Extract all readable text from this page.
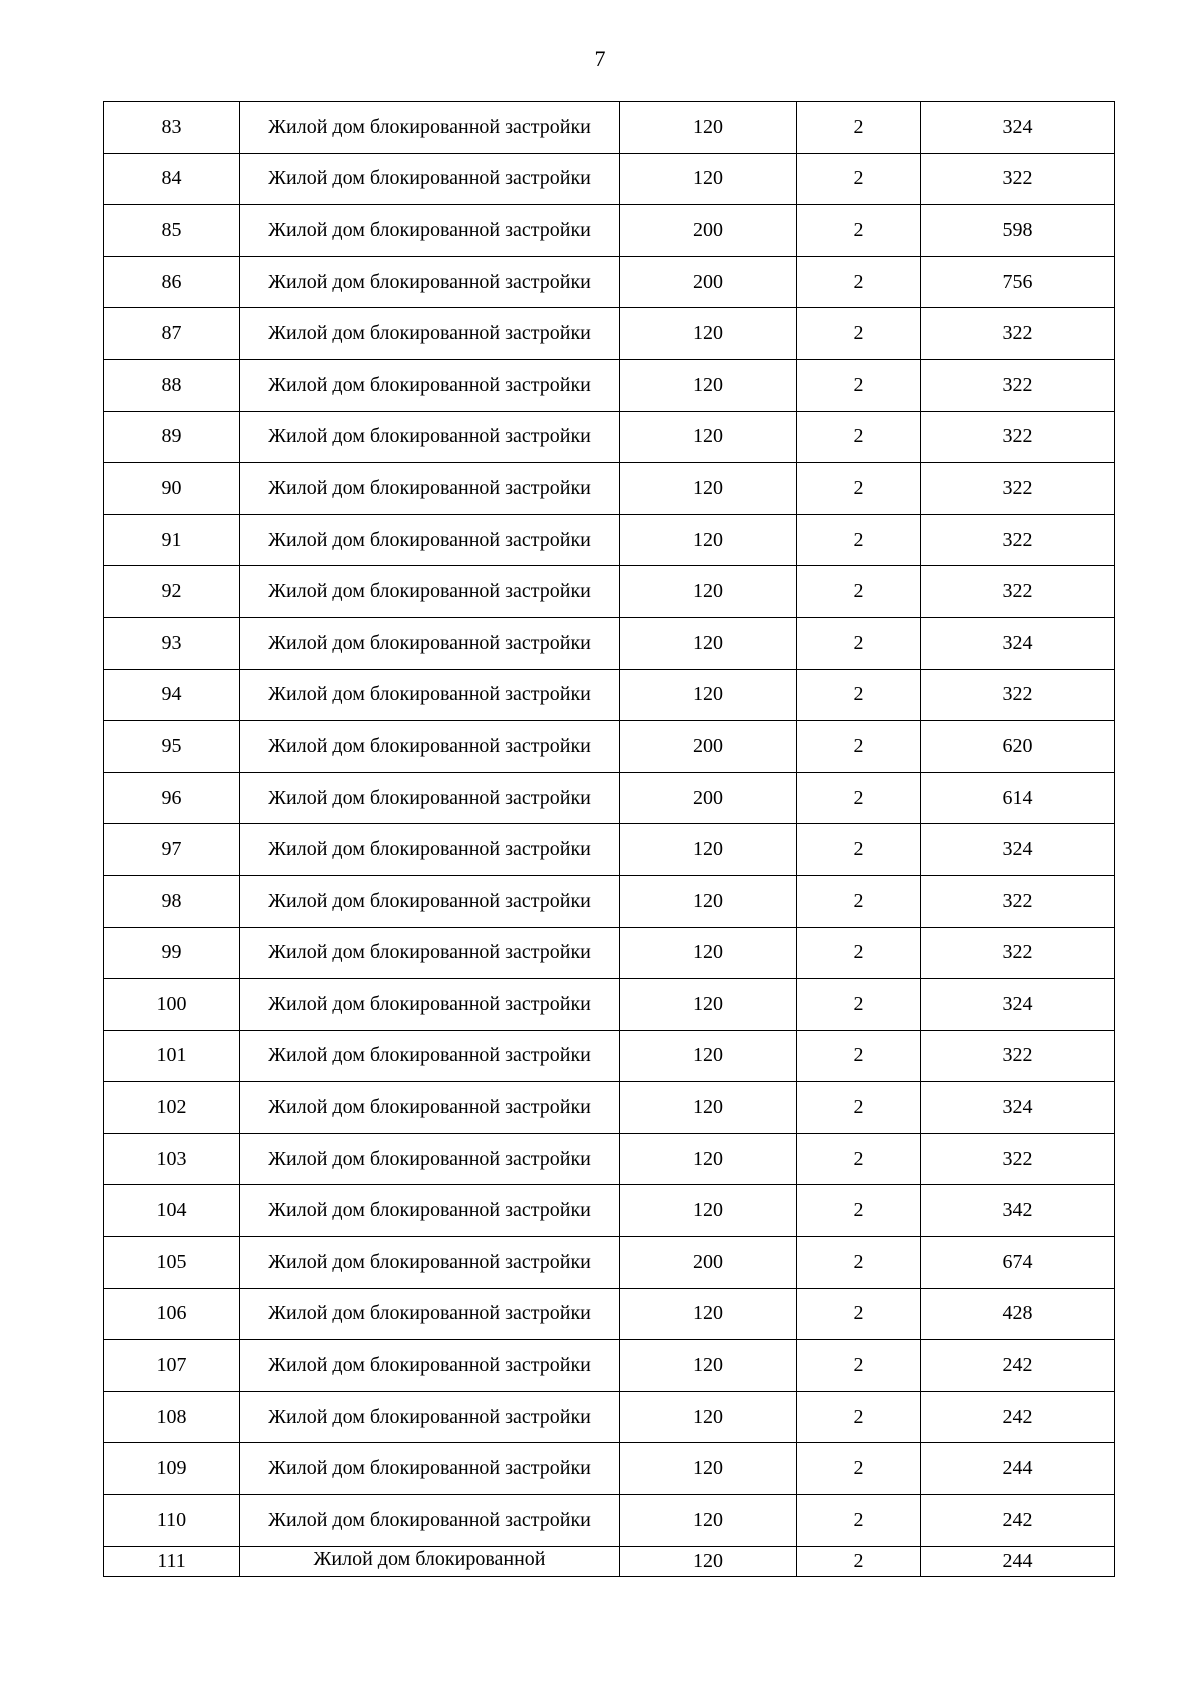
7
83	Жилой дом блокированной застройки	120	2	324
84	Жилой дом блокированной застройки	120	2	322
85	Жилой дом блокированной застройки	200	2	598
86	Жилой дом блокированной застройки	200	2	756
87	Жилой дом блокированной застройки	120	2	322
88	Жилой дом блокированной застройки	120	2	322
89	Жилой дом блокированной застройки	120	2	322
90	Жилой дом блокированной застройки	120	2	322
91	Жилой дом блокированной застройки	120	2	322
92	Жилой дом блокированной застройки	120	2	322
93	Жилой дом блокированной застройки	120	2	324
94	Жилой дом блокированной застройки	120	2	322
95	Жилой дом блокированной застройки	200	2	620
96	Жилой дом блокированной застройки	200	2	614
97	Жилой дом блокированной застройки	120	2	324
98	Жилой дом блокированной застройки	120	2	322
99	Жилой дом блокированной застройки	120	2	322
100	Жилой дом блокированной застройки	120	2	324
101	Жилой дом блокированной застройки	120	2	322
102	Жилой дом блокированной застройки	120	2	324
103	Жилой дом блокированной застройки	120	2	322
104	Жилой дом блокированной застройки	120	2	342
105	Жилой дом блокированной застройки	200	2	674
106	Жилой дом блокированной застройки	120	2	428
107	Жилой дом блокированной застройки	120	2	242
108	Жилой дом блокированной застройки	120	2	242
109	Жилой дом блокированной застройки	120	2	244
110	Жилой дом блокированной застройки	120	2	242
111	Жилой дом блокированной	120	2	244
